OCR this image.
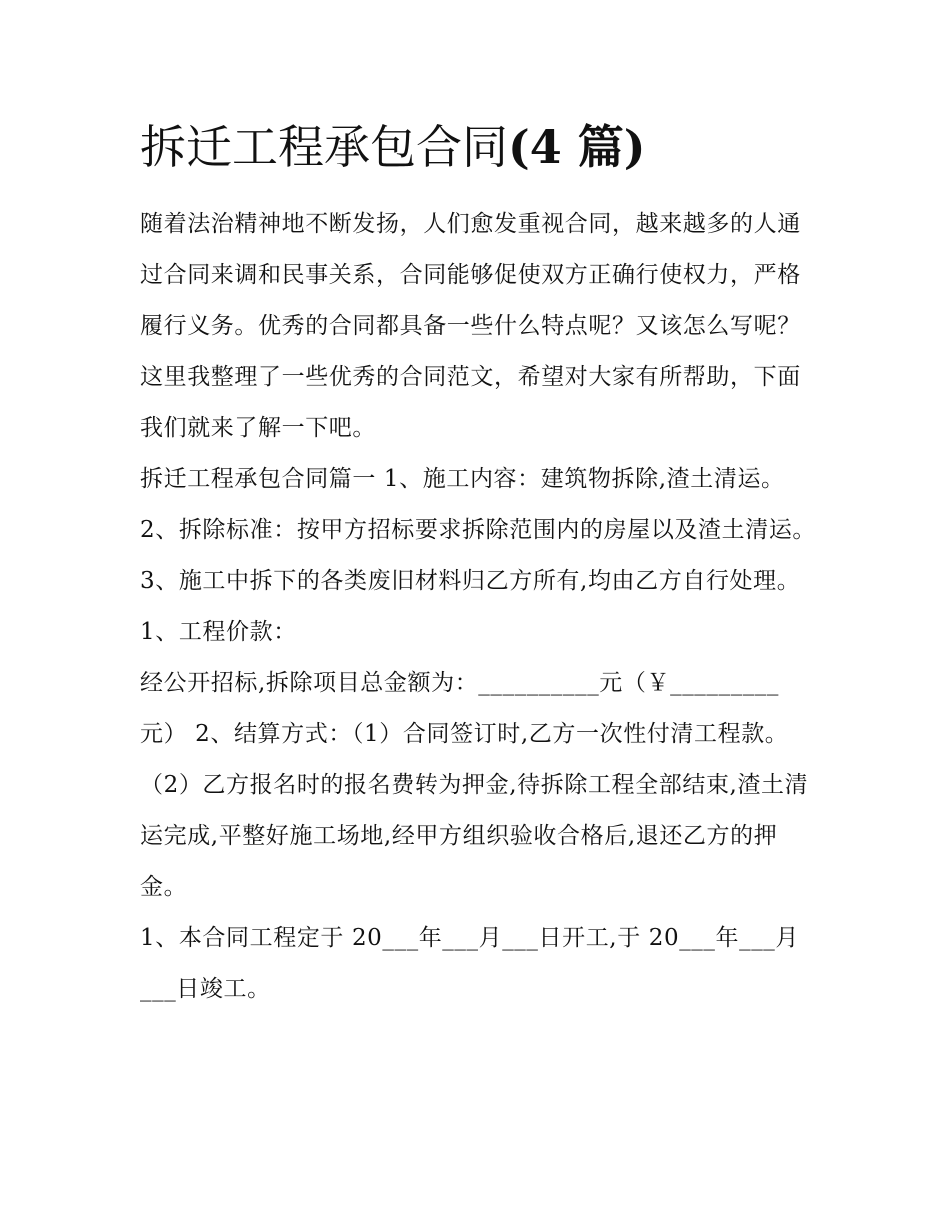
拆迁工程承包合同(4 篇)

随着法治精神地不断发扬，人们愈发重视合同，越来越多的人通过合同来调和民事关系，合同能够促使双方正确行使权力，严格履行义务。优秀的合同都具备一些什么特点呢？又该怎么写呢？这里我整理了一些优秀的合同范文，希望对大家有所帮助，下面我们就来了解一下吧。

拆迁工程承包合同篇一 1、施工内容：建筑物拆除,渣土清运。

2、拆除标准：按甲方招标要求拆除范围内的房屋以及渣土清运。

3、施工中拆下的各类废旧材料归乙方所有,均由乙方自行处理。 1、工程价款：

经公开招标,拆除项目总金额为：__________元（￥_________元） 2、结算方式：（1）合同签订时,乙方一次性付清工程款。

（2）乙方报名时的报名费转为押金,待拆除工程全部结束,渣土清运完成,平整好施工场地,经甲方组织验收合格后,退还乙方的押金。

1、本合同工程定于 20___年___月___日开工,于 20___年___月___日竣工。
